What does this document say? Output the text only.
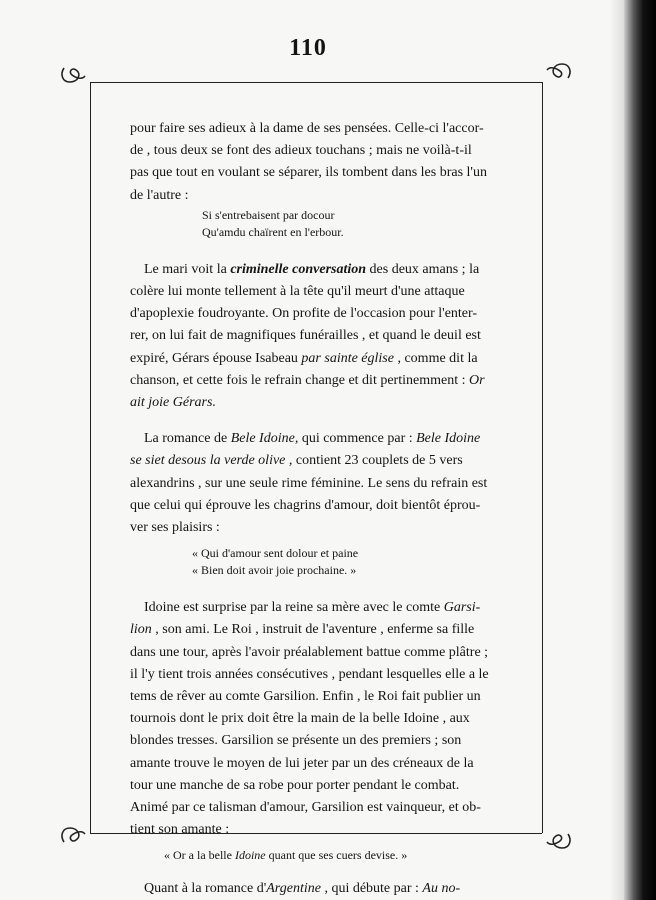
110

pour faire ses adieux à la dame de ses pensées. Celle-ci l'accor-

de , tous deux se font des adieux touchans ; mais ne voilà-t-il

pas que tout en voulant se séparer, ils tombent dans les bras l'un

de l'autre :

Si s'entrebaisent par docour

Qu'amdu chaïrent en l'erbour.

Le mari voit la criminelle conversation des deux amans ; la

colère lui monte tellement à la tête qu'il meurt d'une attaque

d'apoplexie foudroyante. On profite de l'occasion pour l'enter-

rer, on lui fait de magnifiques funérailles , et quand le deuil est

expiré, Gérars épouse Isabeau par sainte église , comme dit la

chanson, et cette fois le refrain change et dit pertinemment : Or

ait joie Gérars.

La romance de Bele Idoine, qui commence par : Bele Idoine

se siet desous la verde olive , contient 23 couplets de 5 vers

alexandrins , sur une seule rime féminine. Le sens du refrain est

que celui qui éprouve les chagrins d'amour, doit bientôt éprou-

ver ses plaisirs :

« Qui d'amour sent dolour et paine

« Bien doit avoir joie prochaine. »

Idoine est surprise par la reine sa mère avec le comte Garsi-

lion , son ami. Le Roi , instruit de l'aventure , enferme sa fille

dans une tour, après l'avoir préalablement battue comme plâtre ;

il l'y tient trois années consécutives , pendant lesquelles elle a le

tems de rêver au comte Garsilion. Enfin , le Roi fait publier un

tournois dont le prix doit être la main de la belle Idoine , aux

blondes tresses. Garsilion se présente un des premiers ; son

amante trouve le moyen de lui jeter par un des créneaux de la

tour une manche de sa robe pour porter pendant le combat.

Animé par ce talisman d'amour, Garsilion est vainqueur, et ob-

tient son amante :

« Or a la belle Idoine quant que ses cuers devise. »

Quant à la romance d'Argentine , qui débute par : Au no-
